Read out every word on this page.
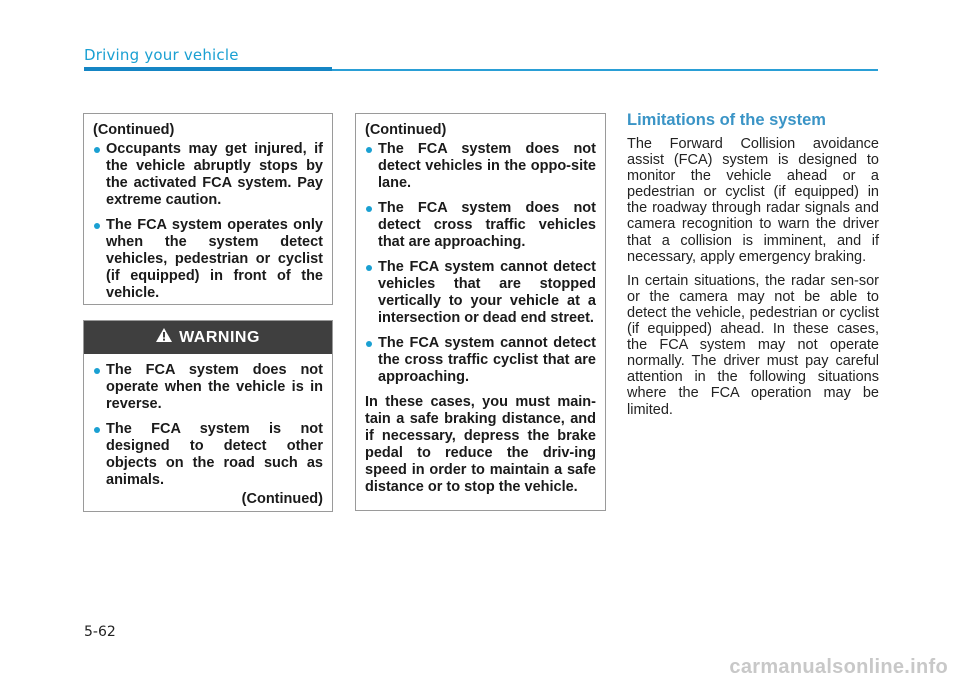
Driving your vehicle

(Continued)

Occupants may get injured, if the vehicle abruptly stops by the activated FCA system. Pay extreme caution.
The FCA system operates only when the system detect vehicles, pedestrian or cyclist (if equipped) in front of the vehicle.
WARNING
The FCA system does not operate when the vehicle is in reverse.
The FCA system is not designed to detect other objects on the road such as animals.

(Continued)

(Continued)

The FCA system does not detect vehicles in the oppo-site lane.
The FCA system does not detect cross traffic vehicles that are approaching.
The FCA system cannot detect vehicles that are stopped vertically to your vehicle at a intersection or dead end street.
The FCA system cannot detect the cross traffic cyclist that are approaching.

In these cases, you must main-tain a safe braking distance, and if necessary, depress the brake pedal to reduce the driv-ing speed in order to maintain a safe distance or to stop the vehicle.

Limitations of the system

The Forward Collision avoidance assist (FCA) system is designed to monitor the vehicle ahead or a pedestrian or cyclist (if equipped) in the roadway through radar signals and camera recognition to warn the driver that a collision is imminent, and if necessary, apply emergency braking.

In certain situations, the radar sen-sor or the camera may not be able to detect the vehicle, pedestrian or cyclist (if equipped) ahead. In these cases, the FCA system may not operate normally. The driver must pay careful attention in the following situations where the FCA operation may be limited.

5-62
carmanualsonline.info
